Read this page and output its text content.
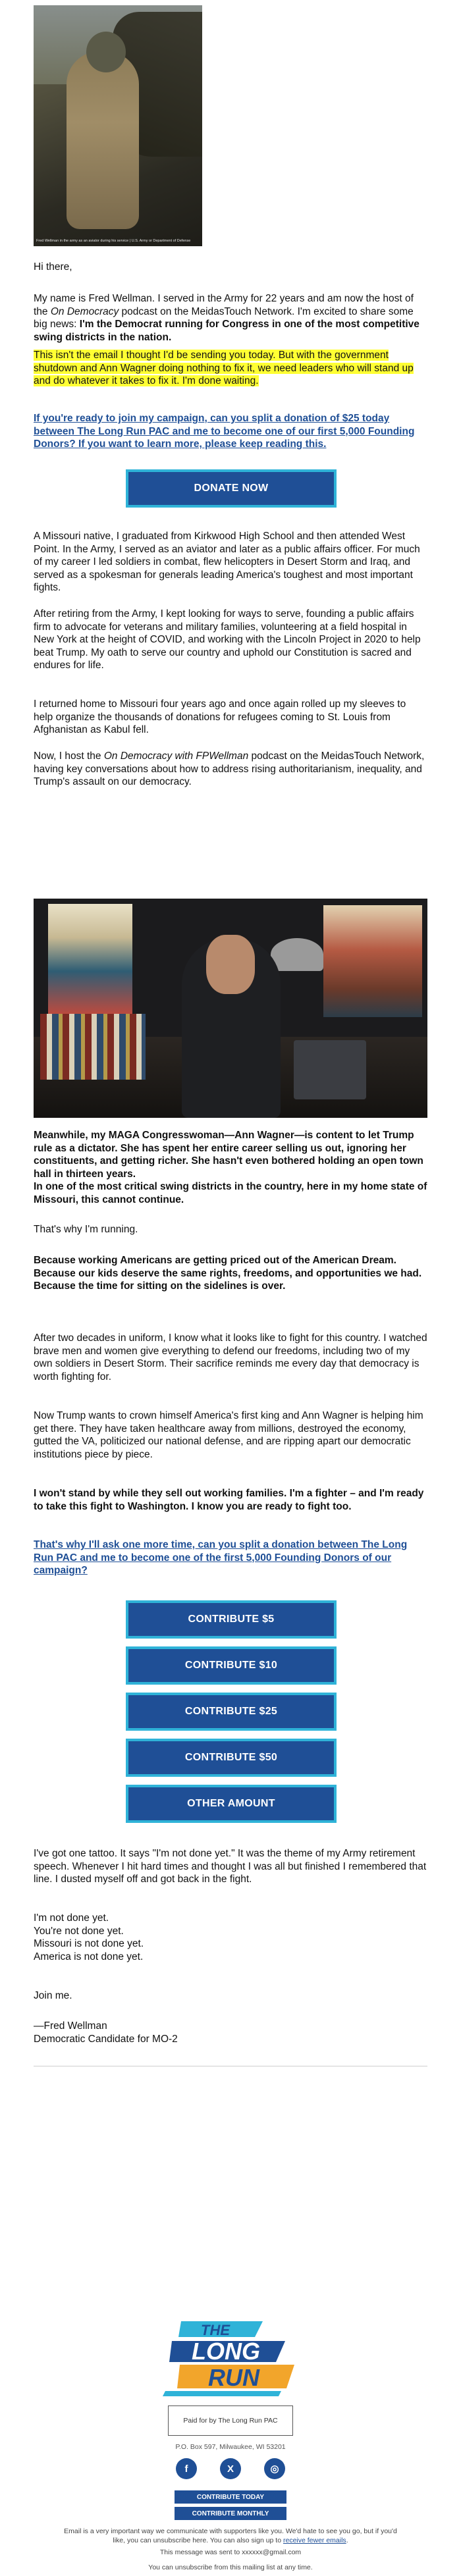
Fred Wellman in the army as an aviator during his service | U.S. Army or Department of Defense

Hi there,

My name is Fred Wellman. I served in the Army for 22 years and am now the host of the On Democracy podcast on the MeidasTouch Network. I'm excited to share some big news: I'm the Democrat running for Congress in one of the most competitive swing districts in the nation.

This isn't the email I thought I'd be sending you today. But with the government shutdown and Ann Wagner doing nothing to fix it, we need leaders who will stand up and do whatever it takes to fix it. I'm done waiting.

If you're ready to join my campaign, can you split a donation of $25 today between The Long Run PAC and me to become one of our first 5,000 Founding Donors? If you want to learn more, please keep reading this.

DONATE NOW

A Missouri native, I graduated from Kirkwood High School and then attended West Point. In the Army, I served as an aviator and later as a public affairs officer. For much of my career I led soldiers in combat, flew helicopters in Desert Storm and Iraq, and served as a spokesman for generals leading America's toughest and most important fights.

After retiring from the Army, I kept looking for ways to serve, founding a public affairs firm to advocate for veterans and military families, volunteering at a field hospital in New York at the height of COVID, and working with the Lincoln Project in 2020 to help beat Trump. My oath to serve our country and uphold our Constitution is sacred and endures for life.

I returned home to Missouri four years ago and once again rolled up my sleeves to help organize the thousands of donations for refugees coming to St. Louis from Afghanistan as Kabul fell.

Now, I host the On Democracy with FPWellman podcast on the MeidasTouch Network, having key conversations about how to address rising authoritarianism, inequality, and Trump's assault on our democracy.

Meanwhile, my MAGA Congresswoman—Ann Wagner—is content to let Trump rule as a dictator. She has spent her entire career selling us out, ignoring her constituents, and getting richer. She hasn't even bothered holding an open town hall in thirteen years.

In one of the most critical swing districts in the country, here in my home state of Missouri, this cannot continue.

That's why I'm running.

Because working Americans are getting priced out of the American Dream.
Because our kids deserve the same rights, freedoms, and opportunities we had.
Because the time for sitting on the sidelines is over.

After two decades in uniform, I know what it looks like to fight for this country. I watched brave men and women give everything to defend our freedoms, including two of my own soldiers in Desert Storm. Their sacrifice reminds me every day that democracy is worth fighting for.

Now Trump wants to crown himself America's first king and Ann Wagner is helping him get there. They have taken healthcare away from millions, destroyed the economy, gutted the VA, politicized our national defense, and are ripping apart our democratic institutions piece by piece.

I won't stand by while they sell out working families. I'm a fighter – and I'm ready to take this fight to Washington. I know you are ready to fight too.

That's why I'll ask one more time, can you split a donation between The Long Run PAC and me to become one of the first 5,000 Founding Donors of our campaign?

CONTRIBUTE $5
CONTRIBUTE $10
CONTRIBUTE $25
CONTRIBUTE $50
OTHER AMOUNT

I've got one tattoo. It says "I'm not done yet." It was the theme of my Army retirement speech. Whenever I hit hard times and thought I was all but finished I remembered that line. I dusted myself off and got back in the fight.

I'm not done yet.
You're not done yet.
Missouri is not done yet.
America is not done yet.

Join me.

—Fred Wellman
Democratic Candidate for MO-2

THE
LONG
RUN
Paid for by The Long Run PAC
P.O. Box 597, Milwaukee, WI 53201
f	X	◎
CONTRIBUTE TODAY
CONTRIBUTE MONTHLY
Email is a very important way we communicate with supporters like you. We'd hate to see you go, but if you'd like, you can unsubscribe here. You can also sign up to receive fewer emails.
This message was sent to xxxxxx@gmail.com
You can unsubscribe from this mailing list at any time.
